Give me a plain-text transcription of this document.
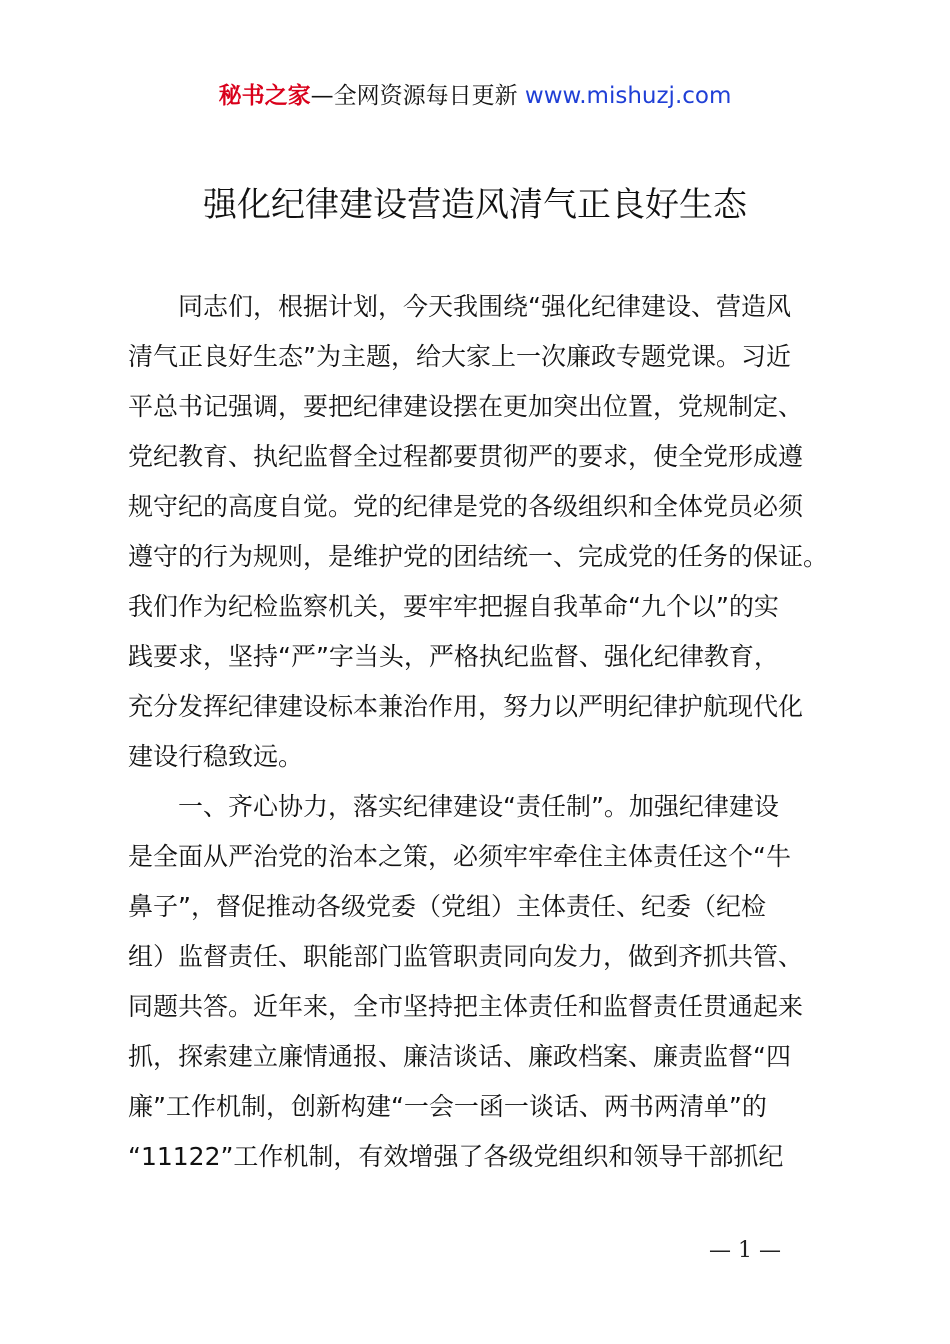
秘书之家—全网资源每日更新 www.mishuzj.com
强化纪律建设营造风清气正良好生态
　　同志们，根据计划，今天我围绕“强化纪律建设、营造风
清气正良好生态”为主题，给大家上一次廉政专题党课。习近
平总书记强调，要把纪律建设摆在更加突出位置，党规制定、
党纪教育、执纪监督全过程都要贯彻严的要求，使全党形成遵
规守纪的高度自觉。党的纪律是党的各级组织和全体党员必须
遵守的行为规则，是维护党的团结统一、完成党的任务的保证。
我们作为纪检监察机关，要牢牢把握自我革命“九个以”的实
践要求，坚持“严”字当头，严格执纪监督、强化纪律教育，
充分发挥纪律建设标本兼治作用，努力以严明纪律护航现代化
建设行稳致远。
　　一、齐心协力，落实纪律建设“责任制”。加强纪律建设
是全面从严治党的治本之策，必须牢牢牵住主体责任这个“牛
鼻子”，督促推动各级党委（党组）主体责任、纪委（纪检
组）监督责任、职能部门监管职责同向发力，做到齐抓共管、
同题共答。近年来，全市坚持把主体责任和监督责任贯通起来
抓，探索建立廉情通报、廉洁谈话、廉政档案、廉责监督“四
廉”工作机制，创新构建“一会一函一谈话、两书两清单”的
“11122”工作机制，有效增强了各级党组织和领导干部抓纪
— 1 —
